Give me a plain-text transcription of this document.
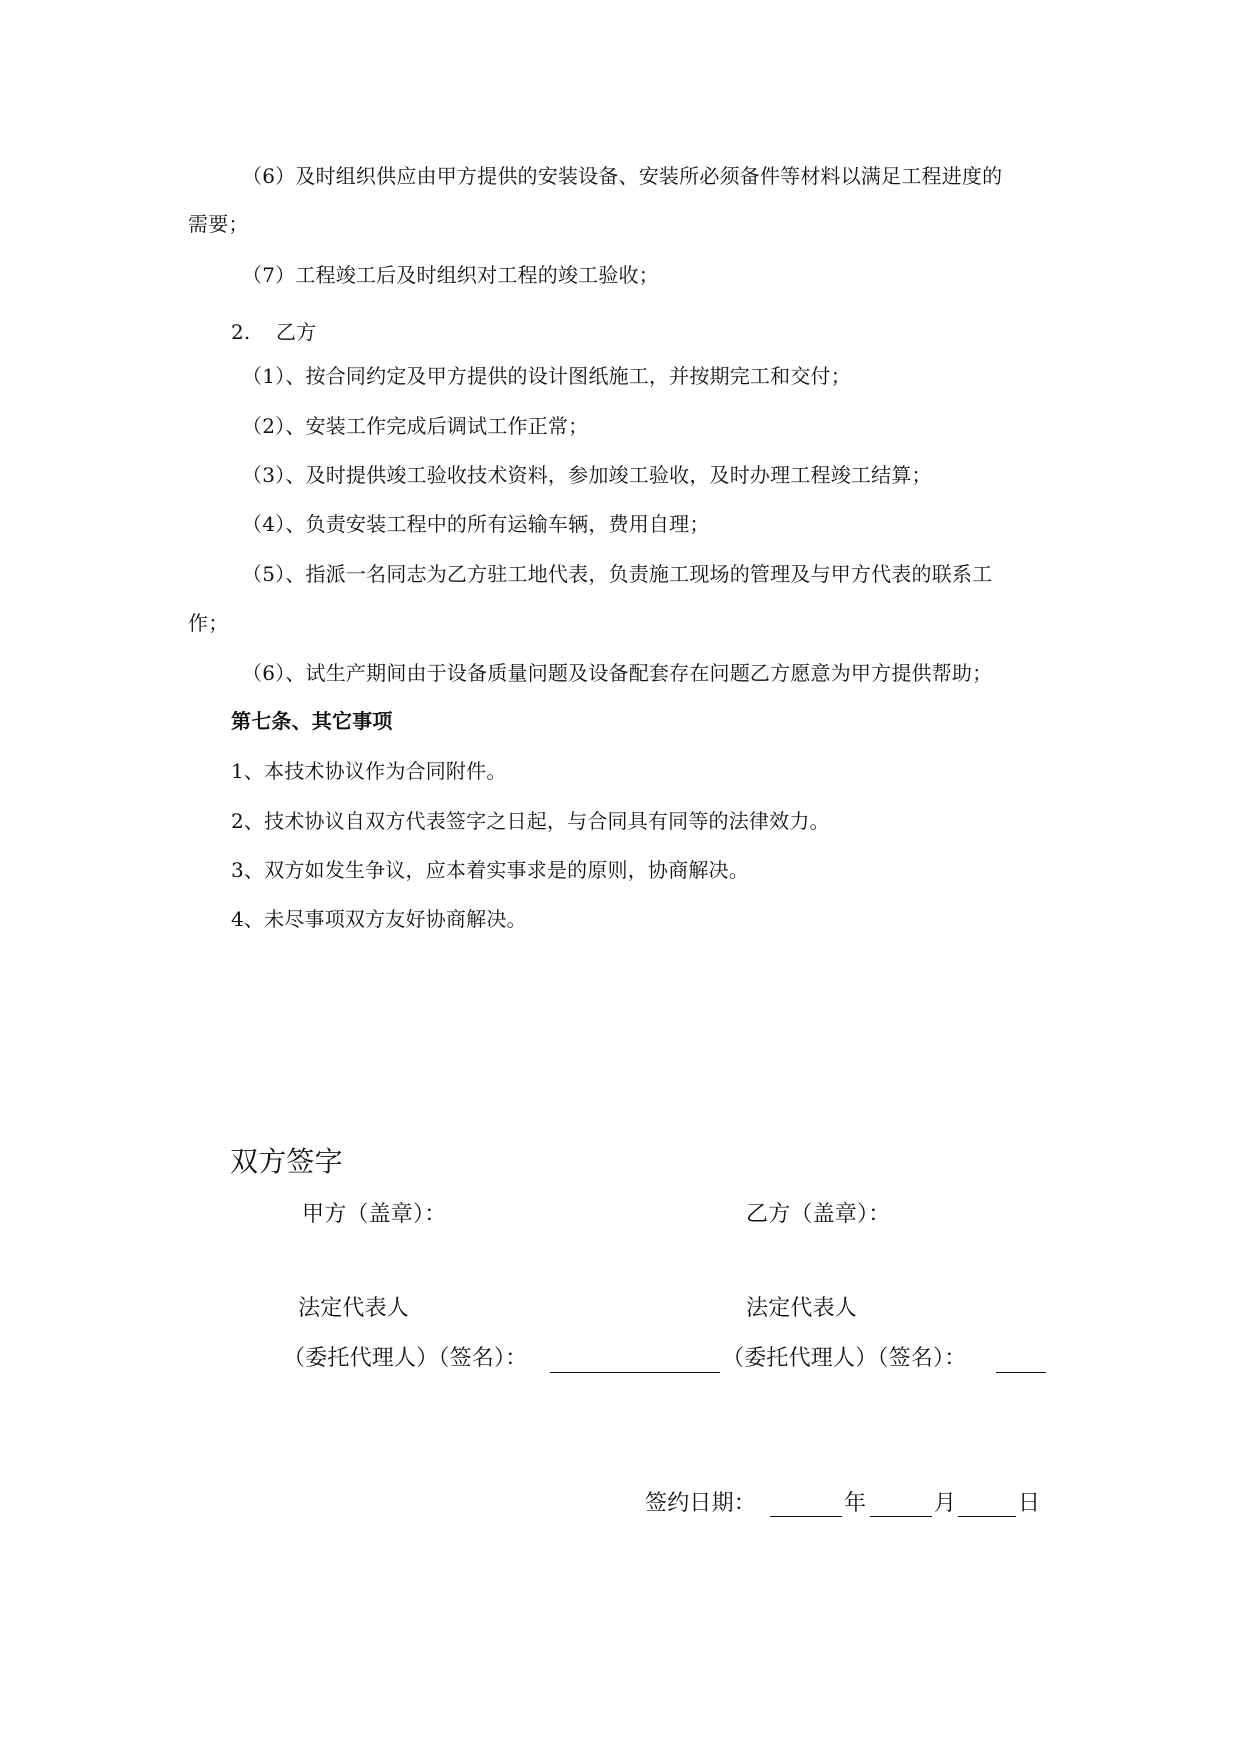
（6）及时组织供应由甲方提供的安装设备、安装所必须备件等材料以满足工程进度的
需要；
（7）工程竣工后及时组织对工程的竣工验收；
2. 乙方
（1）、按合同约定及甲方提供的设计图纸施工，并按期完工和交付；
（2）、安装工作完成后调试工作正常；
（3）、及时提供竣工验收技术资料，参加竣工验收，及时办理工程竣工结算；
（4）、负责安装工程中的所有运输车辆，费用自理；
（5）、指派一名同志为乙方驻工地代表，负责施工现场的管理及与甲方代表的联系工
作；
（6）、试生产期间由于设备质量问题及设备配套存在问题乙方愿意为甲方提供帮助；
第七条、其它事项
1、本技术协议作为合同附件。
2、技术协议自双方代表签字之日起，与合同具有同等的法律效力。
3、双方如发生争议，应本着实事求是的原则，协商解决。
4、未尽事项双方友好协商解决。
双方签字
甲方（盖章）：	乙方（盖章）：
法定代表人	法定代表人
（委托代理人）（签名）：	（委托代理人）（签名）：
签约日期：	年	月	日
